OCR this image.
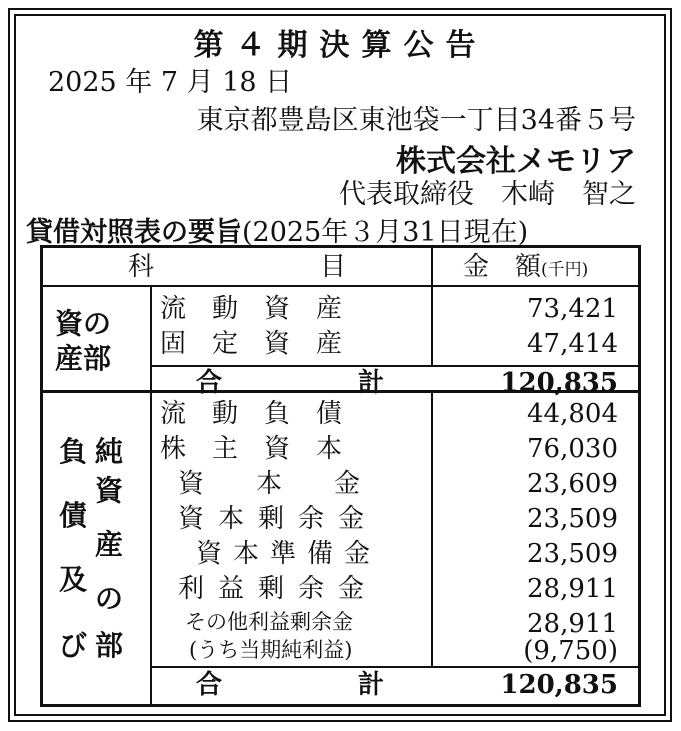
第４期決算公告
2025 年 7 月 18 日
東京都豊島区東池袋一丁目34番５号
株式会社メモリア
代表取締役　木崎　智之
貸借対照表の要旨(2025年３月31日現在)
科	目	金　額(千円)
資の
産部
流　動　資　産	73,421
固　定　資　産	47,414
合	計	120,835
負
債
及
び
純
資
産
の
部
流　動　負　債	44,804
株　主　資　本	76,030
資　　本　　金	23,609
資本剰余金	23,509
資本準備金	23,509
利益剰余金	28,911
その他利益剰余金	28,911
(うち当期純利益)	(9,750)
合	計	120,835
